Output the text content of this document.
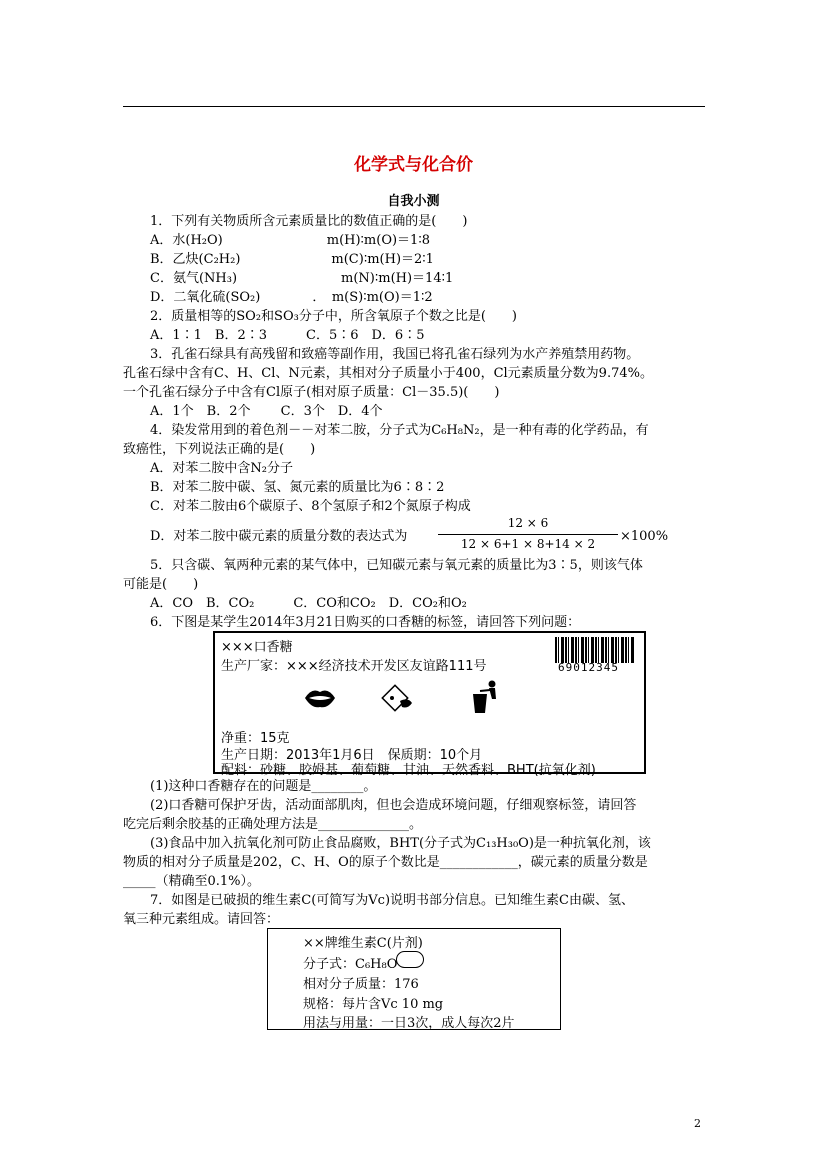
化学式与化合价
自我小测
1．下列有关物质所含元素质量比的数值正确的是(　　)
A．水(H₂O)　　　　　　　　m(H)∶m(O)＝1∶8
B．乙炔(C₂H₂)　　　　　　　m(C)∶m(H)＝2∶1
C．氨气(NH₃)　　　　　　　　m(N)∶m(H)＝14∶1
D．二氧化硫(SO₂)　　　　．　m(S)∶m(O)＝1∶2
2．质量相等的SO₂和SO₃分子中，所含氧原子个数之比是(　　)
A．1∶1　B．2∶3　　　C．5∶6　D．6∶5
3．孔雀石绿具有高残留和致癌等副作用，我国已将孔雀石绿列为水产养殖禁用药物。
孔雀石绿中含有C、H、Cl、N元素，其相对分子质量小于400，Cl元素质量分数为9.74%。
一个孔雀石绿分子中含有Cl原子(相对原子质量：Cl－35.5)(　　)
A．1个　B．2个　　 C．3个　D．4个
4．染发常用到的着色剂－－对苯二胺，分子式为C₆H₈N₂，是一种有毒的化学药品，有
致癌性，下列说法正确的是(　　)
A．对苯二胺中含N₂分子
B．对苯二胺中碳、氢、氮元素的质量比为6∶8∶2
C．对苯二胺由6个碳原子、8个氢原子和2个氮原子构成
D．对苯二胺中碳元素的质量分数的表达式为
12 × 6
12 × 6+1 × 8+14 × 2	×100%
5．只含碳、氧两种元素的某气体中，已知碳元素与氧元素的质量比为3∶5，则该气体
可能是(　　)
A．CO　B．CO₂　　　C．CO和CO₂　D．CO₂和O₂
6．下图是某学生2014年3月21日购买的口香糖的标签，请回答下列问题：
×××口香糖
生产厂家：×××经济技术开发区友谊路111号	69012345
净重：15克
生产日期：2013年1月6日　保质期：10个月
配料：砂糖、胶姆基、葡萄糖、甘油、天然香料、BHT(抗氧化剂)
(1)这种口香糖存在的问题是________。
(2)口香糖可保护牙齿，活动面部肌肉，但也会造成环境问题，仔细观察标签，请回答
吃完后剩余胶基的正确处理方法是______________。
(3)食品中加入抗氧化剂可防止食品腐败，BHT(分子式为C₁₃H₃₀O)是一种抗氧化剂，该
物质的相对分子质量是202，C、H、O的原子个数比是____________，碳元素的质量分数是
_____（精确至0.1%）。
7．如图是已破损的维生素C(可简写为Vc)说明书部分信息。已知维生素C由碳、氢、
氧三种元素组成。请回答：
××牌维生素C(片剂)
分子式：C₆H₈O
相对分子质量：176
规格：每片含Vc 10 mg
用法与用量：一日3次，成人每次2片
2
